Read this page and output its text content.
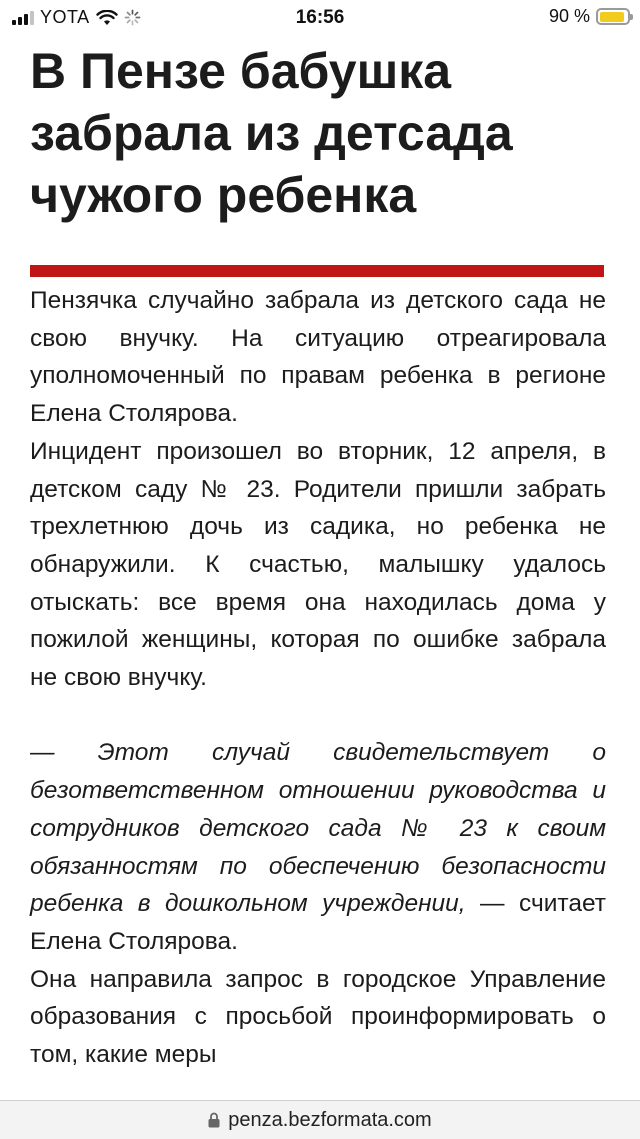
YOTA	16:56	90 %
В Пензе бабушка забрала из детсада чужого ребенка

Пензячка случайно забрала из детского сада не свою внучку. На ситуацию отреагировала уполномоченный по правам ребенка в регионе Елена Столярова.

Инцидент произошел во вторник, 12 апреля, в детском саду № 23. Родители пришли забрать трехлетнюю дочь из садика, но ребенка не обнаружили. К счастью, малышку удалось отыскать: все время она находилась дома у пожилой женщины, которая по ошибке забрала не свою внучку.

— Этот случай свидетельствует о безответственном отношении руководства и сотрудников детского сада № 23 к своим обязанностям по обеспечению безопасности ребенка в дошкольном учреждении, — считает Елена Столярова.

Она направила запрос в городское Управление образования с просьбой проинформировать о том, какие меры

penza.bezformata.com
